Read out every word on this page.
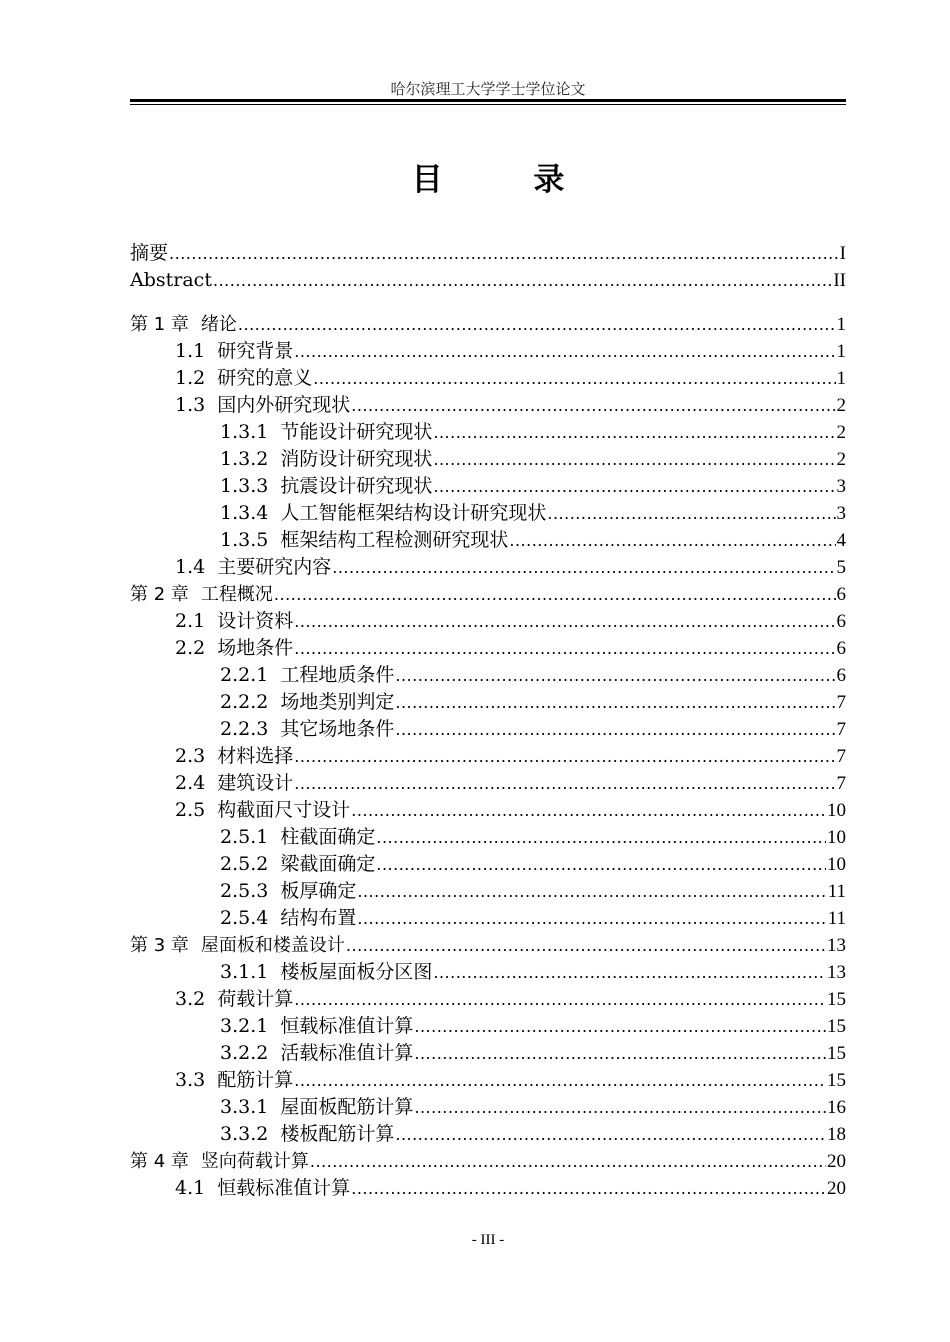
哈尔滨理工大学学士学位论文
目 录
摘要 .....	I
Abstract .....	II
第 1 章 绪论 .....	1
1.1 研究背景 .....	1
1.2 研究的意义 .....	1
1.3 国内外研究现状 .....	2
1.3.1 节能设计研究现状 .....	2
1.3.2 消防设计研究现状 .....	2
1.3.3 抗震设计研究现状 .....	3
1.3.4 人工智能框架结构设计研究现状 .....	3
1.3.5 框架结构工程检测研究现状 .....	4
1.4 主要研究内容 .....	5
第 2 章 工程概况 .....	6
2.1 设计资料 .....	6
2.2 场地条件 .....	6
2.2.1 工程地质条件 .....	6
2.2.2 场地类别判定 .....	7
2.2.3 其它场地条件 .....	7
2.3 材料选择 .....	7
2.4 建筑设计 .....	7
2.5 构截面尺寸设计 .....	10
2.5.1 柱截面确定 .....	10
2.5.2 梁截面确定 .....	10
2.5.3 板厚确定 .....	11
2.5.4 结构布置 .....	11
第 3 章 屋面板和楼盖设计 .....	13
3.1.1 楼板屋面板分区图 .....	13
3.2 荷载计算 .....	15
3.2.1 恒载标准值计算 .....	15
3.2.2 活载标准值计算 .....	15
3.3 配筋计算 .....	15
3.3.1 屋面板配筋计算 .....	16
3.3.2 楼板配筋计算 .....	18
第 4 章 竖向荷载计算 .....	20
4.1 恒载标准值计算 .....	20
- III -
